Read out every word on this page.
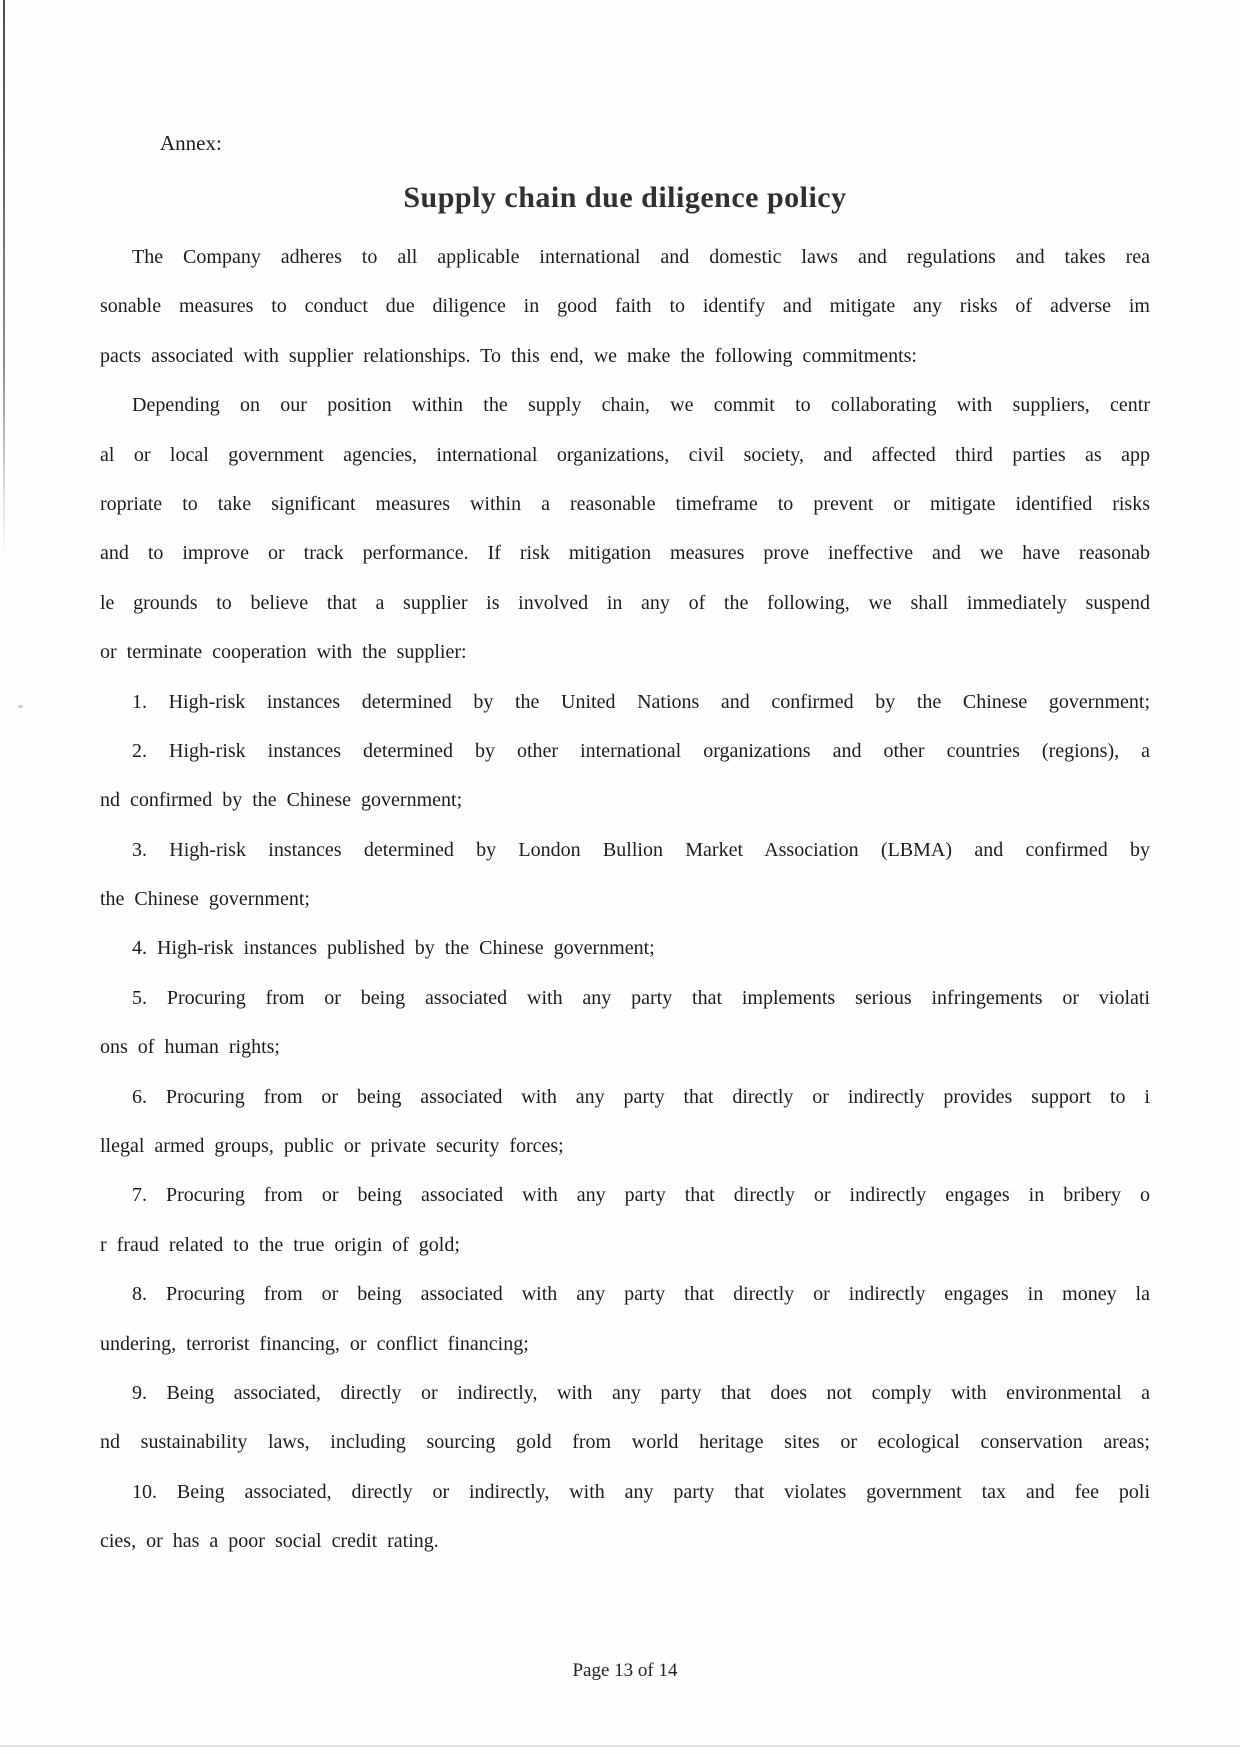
Annex:
Supply chain due diligence policy
The Company adheres to all applicable international and domestic laws and regulations and takes rea
sonable measures to conduct due diligence in good faith to identify and mitigate any risks of adverse im
pacts associated with supplier relationships. To this end, we make the following commitments:
Depending on our position within the supply chain, we commit to collaborating with suppliers, centr
al or local government agencies, international organizations, civil society, and affected third parties as app
ropriate to take significant measures within a reasonable timeframe to prevent or mitigate identified risks
and to improve or track performance. If risk mitigation measures prove ineffective and we have reasonab
le grounds to believe that a supplier is involved in any of the following, we shall immediately suspend
or terminate cooperation with the supplier:
1. High-risk instances determined by the United Nations and confirmed by the Chinese government;
2. High-risk instances determined by other international organizations and other countries (regions), a
nd confirmed by the Chinese government;
3. High-risk instances determined by London Bullion Market Association (LBMA) and confirmed by
the Chinese government;
4. High-risk instances published by the Chinese government;
5. Procuring from or being associated with any party that implements serious infringements or violati
ons of human rights;
6. Procuring from or being associated with any party that directly or indirectly provides support to i
llegal armed groups, public or private security forces;
7. Procuring from or being associated with any party that directly or indirectly engages in bribery o
r fraud related to the true origin of gold;
8. Procuring from or being associated with any party that directly or indirectly engages in money la
undering, terrorist financing, or conflict financing;
9. Being associated, directly or indirectly, with any party that does not comply with environmental a
nd sustainability laws, including sourcing gold from world heritage sites or ecological conservation areas;
10. Being associated, directly or indirectly, with any party that violates government tax and fee poli
cies, or has a poor social credit rating.
Page 13 of 14
